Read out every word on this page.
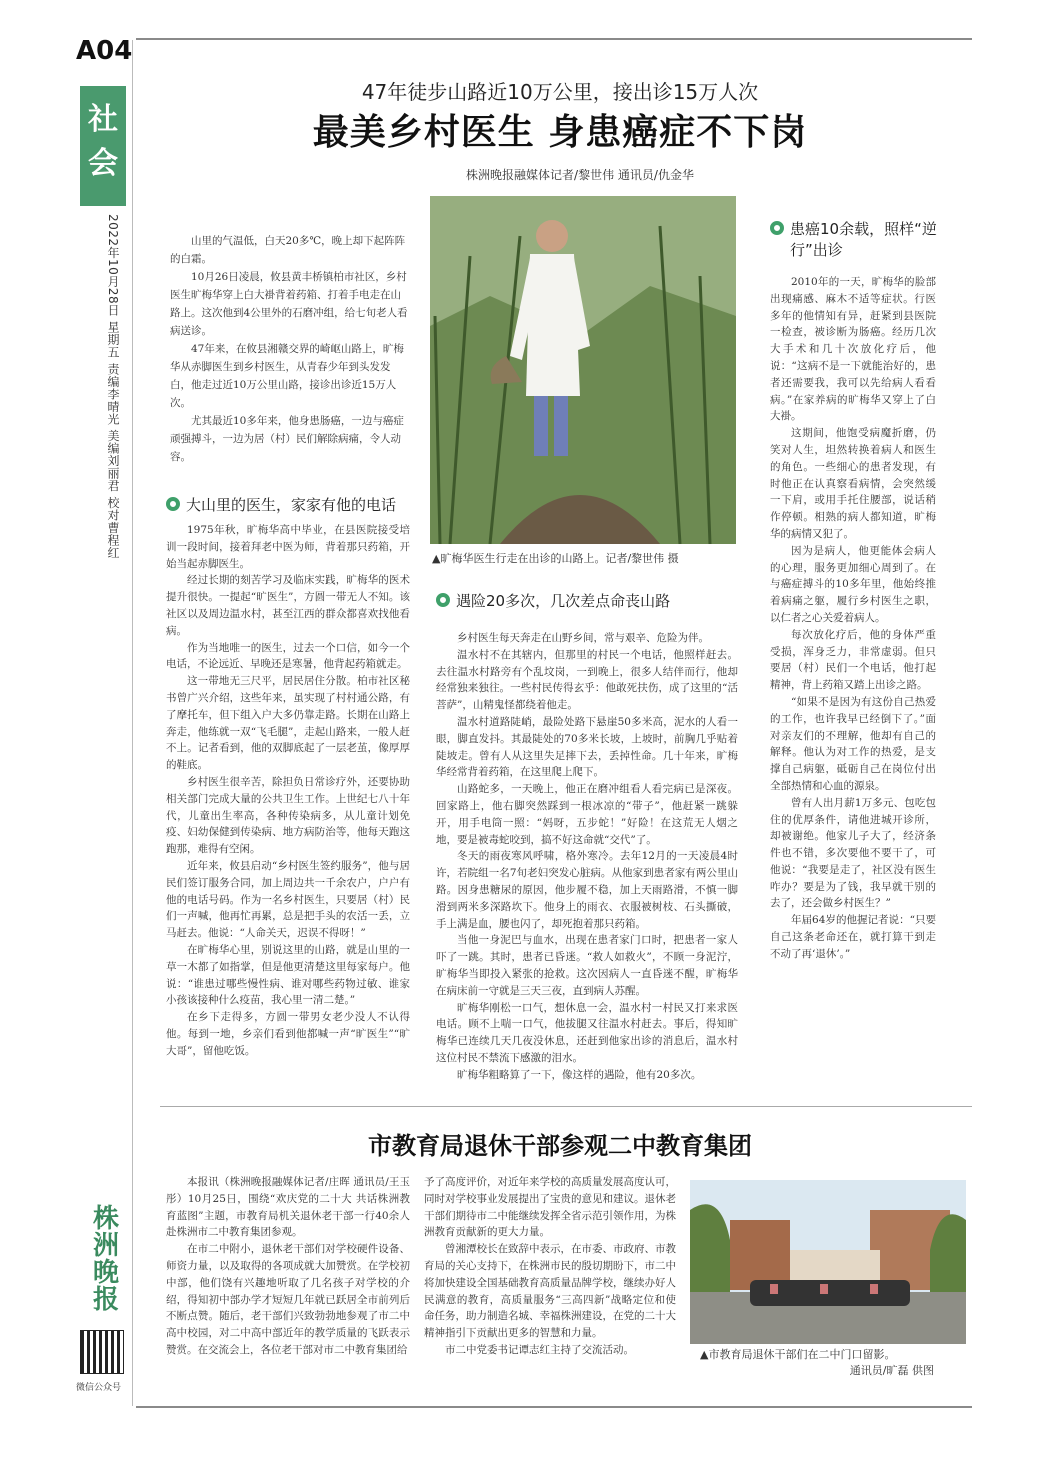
A04
社会
2022年10月28日 星期五 责编李晴光 美编刘丽君 校对曹程红
47年徒步山路近10万公里，接出诊15万人次
最美乡村医生 身患癌症不下岗
株洲晚报融媒体记者/黎世伟 通讯员/仇金华

山里的气温低，白天20多℃，晚上却下起阵阵的白霜。

10月26日凌晨，攸县黄丰桥镇柏市社区，乡村医生旷梅华穿上白大褂背着药箱、打着手电走在山路上。这次他到4公里外的石磨冲组，给七旬老人看病送诊。

47年来，在攸县湘赣交界的崎岖山路上，旷梅华从赤脚医生到乡村医生，从青春少年到头发发白，他走过近10万公里山路，接诊出诊近15万人次。

尤其最近10多年来，他身患肠癌，一边与癌症顽强搏斗，一边为居（村）民们解除病痛，令人动容。

▲旷梅华医生行走在出诊的山路上。记者/黎世伟 摄
大山里的医生，家家有他的电话

1975年秋，旷梅华高中毕业，在县医院接受培训一段时间，接着拜老中医为师，背着那只药箱，开始当起赤脚医生。

经过长期的刻苦学习及临床实践，旷梅华的医术提升很快。一提起“旷医生”，方圆一带无人不知。该社区以及周边温水村，甚至江西的群众都喜欢找他看病。

作为当地唯一的医生，过去一个口信，如今一个电话，不论远近、早晚还是寒暑，他背起药箱就走。

这一带地无三尺平，居民居住分散。柏市社区秘书曾广兴介绍，这些年来，虽实现了村村通公路，有了摩托车，但下组入户大多仍靠走路。长期在山路上奔走，他练就一双“飞毛腿”，走起山路来，一般人赶不上。记者看到，他的双脚底起了一层老茧，像厚厚的鞋底。

乡村医生很辛苦，除担负日常诊疗外，还要协助相关部门完成大量的公共卫生工作。上世纪七八十年代，儿童出生率高，各种传染病多，从儿童计划免疫、妇幼保健到传染病、地方病防治等，他每天跑这跑那，难得有空闲。

近年来，攸县启动“乡村医生签约服务”，他与居民们签订服务合同，加上周边共一千余农户，户户有他的电话号码。作为一名乡村医生，只要居（村）民们一声喊，他再忙再累，总是把手头的农活一丢，立马赶去。他说：“人命关天，迟误不得呀！”

在旷梅华心里，别说这里的山路，就是山里的一草一木都了如指掌，但是他更清楚这里每家每户。他说：“谁患过哪些慢性病、谁对哪些药物过敏、谁家小孩该接种什么疫苗，我心里一清二楚。”

在乡下走得多，方圆一带男女老少没人不认得他。每到一地，乡亲们看到他都喊一声“旷医生”“旷大哥”，留他吃饭。

遇险20多次，几次差点命丧山路

乡村医生每天奔走在山野乡间，常与艰辛、危险为伴。

温水村不在其辖内，但那里的村民一个电话，他照样赶去。去往温水村路旁有个乱坟岗，一到晚上，很多人结伴而行，他却经常独来独往。一些村民传得玄乎：他敢死扶伤，成了这里的“活菩萨”，山精鬼怪都绕着他走。

温水村道路陡峭，最险处路下悬崖50多米高，泥水的人看一眼，脚直发抖。其最陡处的70多米长坡，上坡时，前胸几乎贴着陡坡走。曾有人从这里失足摔下去，丢掉性命。几十年来，旷梅华经常背着药箱，在这里爬上爬下。

山路蛇多，一天晚上，他正在磨冲组看人看完病已是深夜。回家路上，他右脚突然踩到一根冰凉的“带子”，他赶紧一跳躲开，用手电筒一照：“妈呀，五步蛇！”好险！在这荒无人烟之地，要是被毒蛇咬到，搞不好这命就“交代”了。

冬天的雨夜寒风呼啸，格外寒冷。去年12月的一天凌晨4时许，若院组一名7旬老妇突发心脏病。从他家到患者家有两公里山路。因身患糖尿的原因，他步履不稳，加上天雨路滑，不慎一脚滑到两米多深路坎下。他身上的雨衣、衣服被树枝、石头撕破，手上满是血，腰也闪了，却死抱着那只药箱。

当他一身泥巴与血水，出现在患者家门口时，把患者一家人吓了一跳。其时，患者已昏迷。“救人如救火”，不顾一身泥泞，旷梅华当即投入紧张的抢救。这次因病人一直昏迷不醒，旷梅华在病床前一守就是三天三夜，直到病人苏醒。

旷梅华刚松一口气，想休息一会，温水村一村民又打来求医电话。顾不上喘一口气，他拔腿又往温水村赶去。事后，得知旷梅华已连续几天几夜没休息，还赶到他家出诊的消息后，温水村这位村民不禁流下感激的泪水。

旷梅华粗略算了一下，像这样的遇险，他有20多次。

患癌10余载，照样“逆行”出诊

2010年的一天，旷梅华的脸部出现痛感、麻木不适等症状。行医多年的他情知有异，赶紧到县医院一检查，被诊断为肠癌。经历几次大手术和几十次放化疗后，他说：“这病不是一下就能治好的，患者还需要我，我可以先给病人看看病。”在家养病的旷梅华又穿上了白大褂。

这期间，他饱受病魔折磨，仍笑对人生，坦然转换着病人和医生的角色。一些细心的患者发现，有时他正在认真察看病情，会突然缓一下肩，或用手托住腰部，说话稍作停顿。相熟的病人都知道，旷梅华的病情又犯了。

因为是病人，他更能体会病人的心理，服务更加细心周到了。在与癌症搏斗的10多年里，他始终推着病痛之躯，履行乡村医生之职，以仁者之心关爱着病人。

每次放化疗后，他的身体严重受损，浑身乏力，非常虚弱。但只要居（村）民们一个电话，他打起精神，背上药箱又踏上出诊之路。

“如果不是因为有这份自己热爱的工作，也许我早已经倒下了。”面对亲友们的不理解，他却有自己的解释。他认为对工作的热爱，是支撑自己病躯，砥砺自己在岗位付出全部热情和心血的源泉。

曾有人出月薪1万多元、包吃包住的优厚条件，请他进城开诊所，却被谢绝。他家儿子大了，经济条件也不错，多次要他不要干了，可他说：“我要是走了，社区没有医生咋办？要是为了钱，我早就干别的去了，还会做乡村医生？”

年届64岁的他握记者说：“只要自己这条老命还在，就打算干到走不动了再‘退休’。”

市教育局退休干部参观二中教育集团

本报讯（株洲晚报融媒体记者/庄晖 通讯员/王玉彤）10月25日，围绕“欢庆党的二十大 共话株洲教育蓝图”主题，市教育局机关退休老干部一行40余人赴株洲市二中教育集团参观。

在市二中附小，退休老干部们对学校硬件设备、师资力量，以及取得的各项成就大加赞赏。在学校初中部，他们饶有兴趣地听取了几名孩子对学校的介绍，得知初中部办学才短短几年就已跃居全市前列后不断点赞。随后，老干部们兴致勃勃地参观了市二中高中校园，对二中高中部近年的教学质量的飞跃表示赞赏。在交流会上，各位老干部对市二中教育集团给

予了高度评价，对近年来学校的高质量发展高度认可，同时对学校事业发展提出了宝贵的意见和建议。退休老干部们期待市二中能继续发挥全省示范引领作用，为株洲教育贡献新的更大力量。

曾湘潭校长在致辞中表示，在市委、市政府、市教育局的关心支持下，在株洲市民的殷切期盼下，市二中将加快建设全国基础教育高质量品牌学校，继续办好人民满意的教育，高质量服务“三高四新”战略定位和使命任务，助力制造名城、幸福株洲建设，在党的二十大精神指引下贡献出更多的智慧和力量。

市二中党委书记谭志红主持了交流活动。	▲市教育局退休干部们在二中门口留影。
通讯员/旷磊 供图
株洲晚报
微信公众号
